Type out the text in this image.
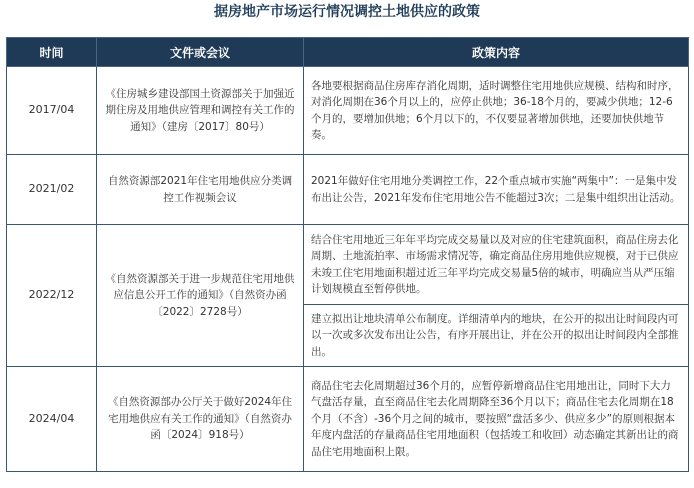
据房地产市场运行情况调控土地供应的政策
时间	文件或会议	政策内容
2017/04	《住房城乡建设部国土资源部关于加强近期住房及用地供应管理和调控有关工作的通知》（建房〔2017〕80号）	各地要根据商品住房库存消化周期，适时调整住宅用地供应规模、结构和时序，对消化周期在36个月以上的，应停止供地；36-18个月的，要减少供地；12-6个月的，要增加供地；6个月以下的，不仅要显著增加供地，还要加快供地节奏。
2021/02	自然资源部2021年住宅用地供应分类调控工作视频会议	2021年做好住宅用地分类调控工作，22个重点城市实施“两集中”：一是集中发布出让公告，2021年发布住宅用地公告不能超过3次；二是集中组织出让活动。
2022/12	《自然资源部关于进一步规范住宅用地供应信息公开工作的通知》（自然资办函〔2022〕2728号）	结合住宅用地近三年年平均完成交易量以及对应的住宅建筑面积，商品住房去化周期、土地流拍率、市场需求情况等，确定商品住房用地供应规模，对于已供应未竣工住宅用地面积超过近三年平均完成交易量5倍的城市，明确应当从严压缩计划规模直至暂停供地。
		建立拟出让地块清单公布制度。详细清单内的地块，在公开的拟出让时间段内可以一次或多次发布出让公告，有序开展出让，并在公开的拟出让时间段内全部推出。
2024/04	《自然资源部办公厅关于做好2024年住宅用地供应有关工作的通知》（自然资办函〔2024〕918号）	商品住宅去化周期超过36个月的，应暂停新增商品住宅用地出让，同时下大力气盘活存量，直至商品住宅去化周期降至36个月以下；商品住宅去化周期在18个月（不含）-36个月之间的城市，要按照“盘活多少、供应多少”的原则根据本年度内盘活的存量商品住宅用地面积（包括竣工和收回）动态确定其新出让的商品住宅用地面积上限。
